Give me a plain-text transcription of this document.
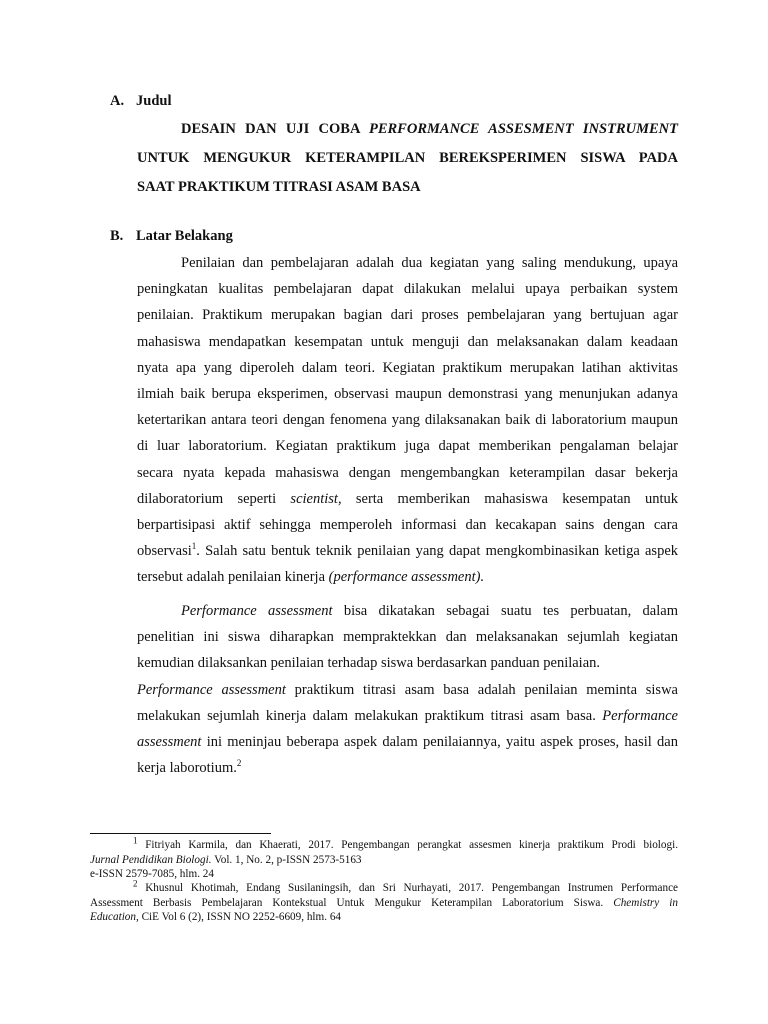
A. Judul
DESAIN DAN UJI COBA PERFORMANCE ASSESMENT INSTRUMENT
UNTUK MENGUKUR KETERAMPILAN BEREKSPERIMEN SISWA PADA
SAAT PRAKTIKUM TITRASI ASAM BASA
B. Latar Belakang
Penilaian dan pembelajaran adalah dua kegiatan yang saling mendukung, upaya
peningkatan kualitas pembelajaran dapat dilakukan melalui upaya perbaikan system
penilaian. Praktikum merupakan bagian dari proses pembelajaran yang bertujuan agar
mahasiswa mendapatkan kesempatan untuk menguji dan melaksanakan dalam keadaan
nyata apa yang diperoleh dalam teori. Kegiatan praktikum merupakan latihan aktivitas
ilmiah baik berupa eksperimen, observasi maupun demonstrasi yang menunjukan adanya
ketertarikan antara teori dengan fenomena yang dilaksanakan baik di laboratorium maupun
di luar laboratorium. Kegiatan praktikum juga dapat memberikan pengalaman belajar
secara nyata kepada mahasiswa dengan mengembangkan keterampilan dasar bekerja
dilaboratorium seperti scientist, serta memberikan mahasiswa kesempatan untuk
berpartisipasi aktif sehingga memperoleh informasi dan kecakapan sains dengan cara
observasi$^1$. Salah satu bentuk teknik penilaian yang dapat mengkombinasikan ketiga aspek
tersebut adalah penilaian kinerja (performance assessment).
Performance assessment bisa dikatakan sebagai suatu tes perbuatan, dalam
penelitian ini siswa diharapkan mempraktekkan dan melaksanakan sejumlah kegiatan
kemudian dilaksankan penilaian terhadap siswa berdasarkan panduan penilaian.
Performance assessment praktikum titrasi asam basa adalah penilaian meminta siswa
melakukan sejumlah kinerja dalam melakukan praktikum titrasi asam basa. Performance
assessment ini meninjau beberapa aspek dalam penilaiannya, yaitu aspek proses, hasil dan
kerja laborotium.$^2$
$^1$ Fitriyah Karmila, dan Khaerati, 2017. Pengembangan perangkat assesmen kinerja praktikum Prodi biologi.
Jurnal Pendidikan Biologi. Vol. 1, No. 2, p-ISSN 2573-5163
e-ISSN 2579-7085, hlm. 24
$^2$ Khusnul Khotimah, Endang Susilaningsih, dan Sri Nurhayati, 2017. Pengembangan Instrumen Performance
Assessment Berbasis Pembelajaran Kontekstual Untuk Mengukur Keterampilan Laboratorium Siswa. Chemistry in
Education, CiE Vol 6 (2), ISSN NO 2252-6609, hlm. 64
